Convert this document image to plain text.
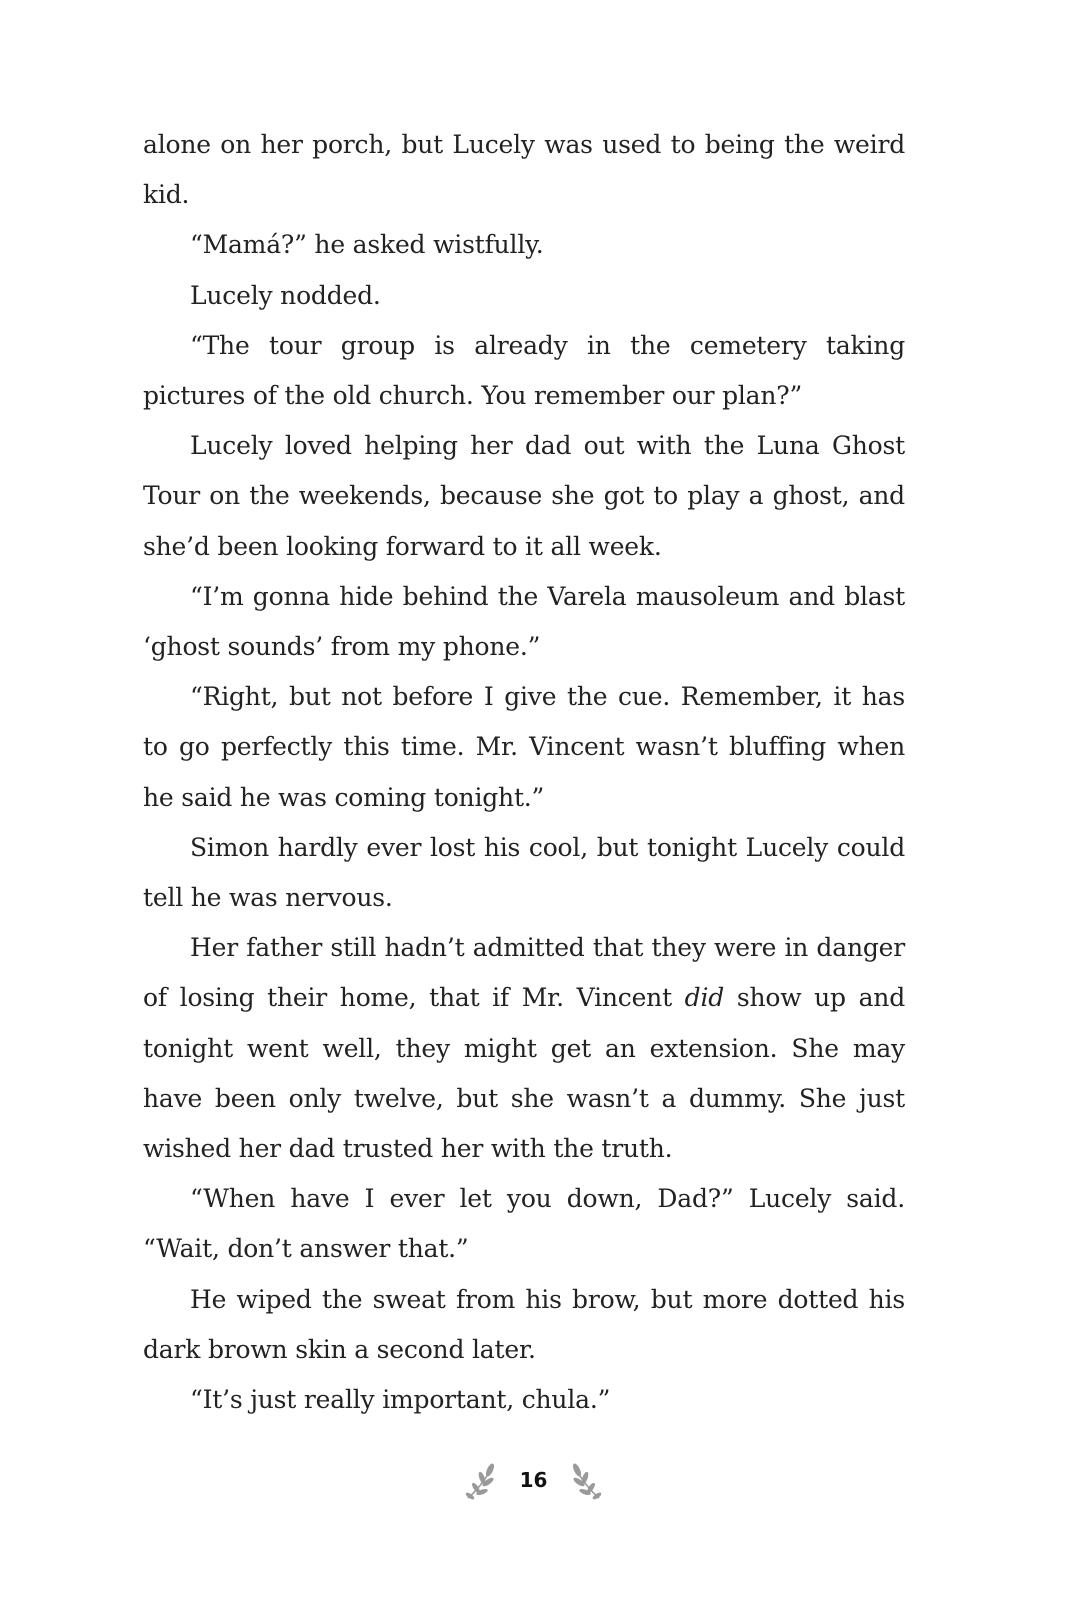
alone on her porch, but Lucely was used to being the weird kid.

“Mamá?” he asked wistfully.

Lucely nodded.

“The tour group is already in the cemetery taking pictures of the old church. You remember our plan?”

Lucely loved helping her dad out with the Luna Ghost Tour on the weekends, because she got to play a ghost, and she’d been looking forward to it all week.

“I’m gonna hide behind the Varela mausoleum and blast ‘ghost sounds’ from my phone.”

“Right, but not before I give the cue. Remember, it has to go perfectly this time. Mr. Vincent wasn’t bluffing when he said he was coming tonight.”

Simon hardly ever lost his cool, but tonight Lucely could tell he was nervous.

Her father still hadn’t admitted that they were in danger of losing their home, that if Mr. Vincent did show up and tonight went well, they might get an extension. She may have been only twelve, but she wasn’t a dummy. She just wished her dad trusted her with the truth.

“When have I ever let you down, Dad?” Lucely said. “Wait, don’t answer that.”

He wiped the sweat from his brow, but more dotted his dark brown skin a second later.

“It’s just really important, chula.”

16
